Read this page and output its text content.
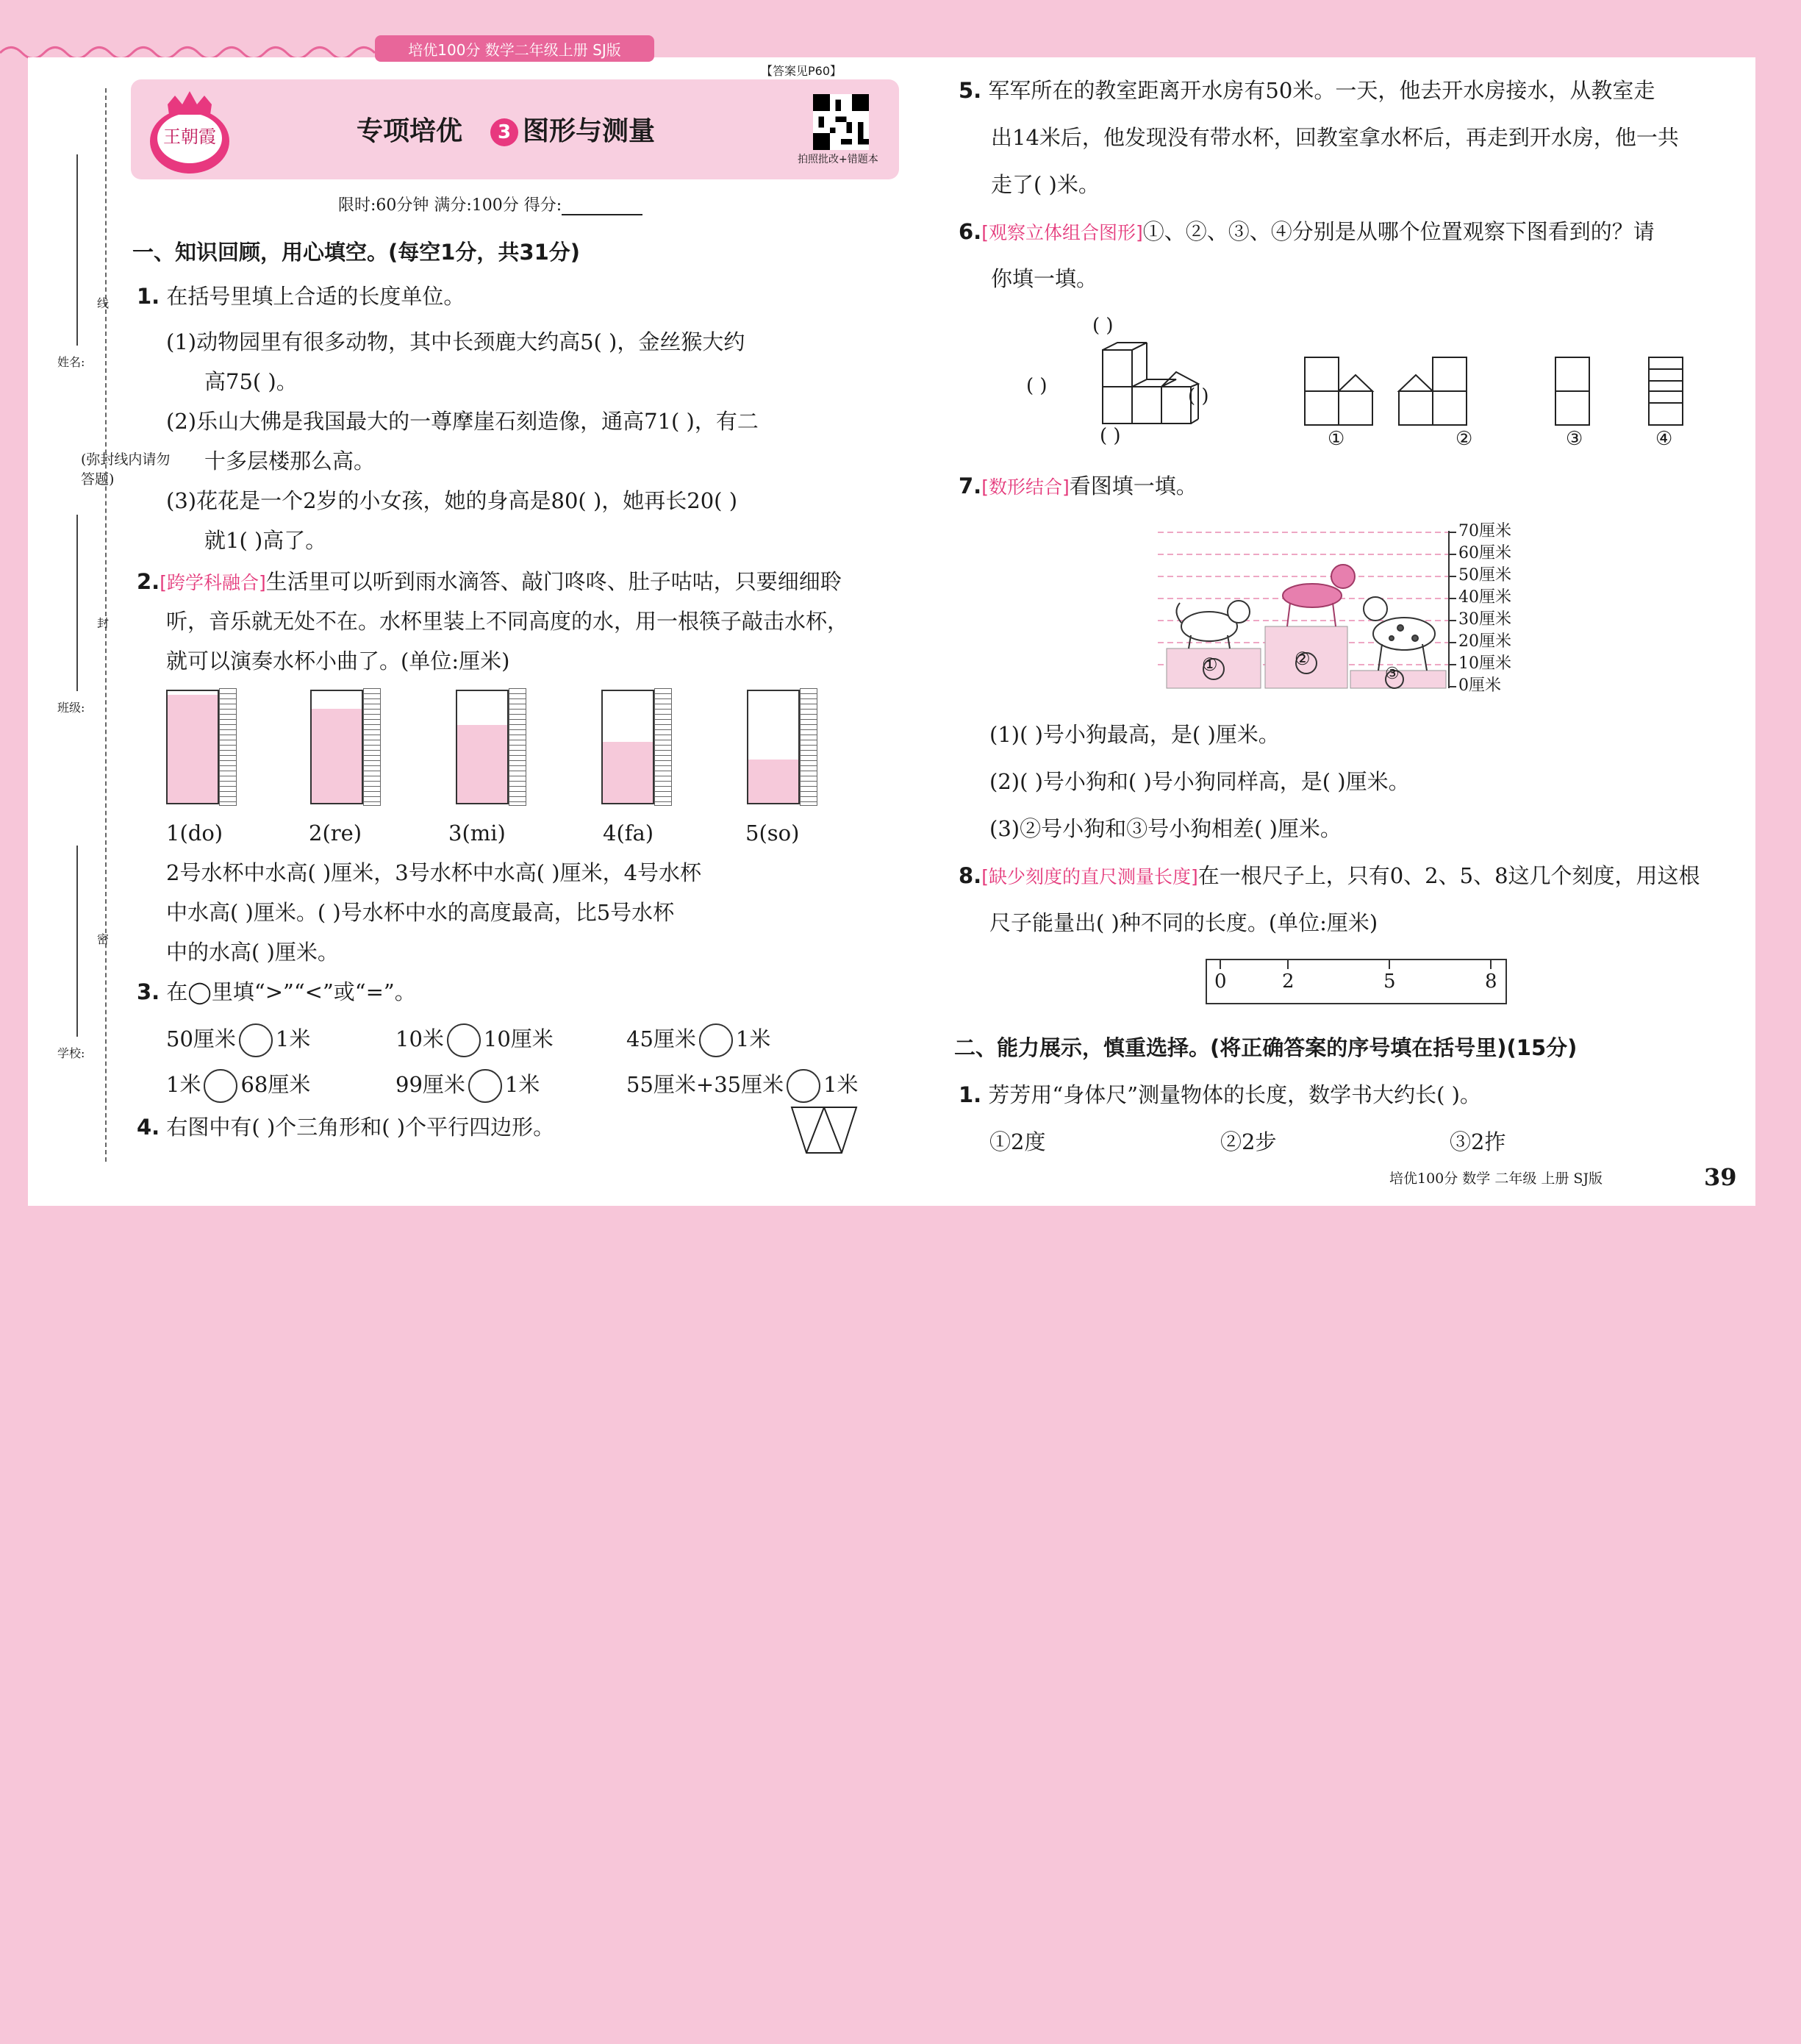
培优100分 数学二年级上册 SJ版
姓名:
班级:
学校:
(弥封线内请勿答题)
线
封
密
王朝霞	专项培优 3 图形与测量
【答案见P60】
拍照批改+错题本
限时:60分钟 满分:100分 得分:
一、知识回顾，用心填空。(每空1分，共31分)
1. 在括号里填上合适的长度单位。
(1)动物园里有很多动物，其中长颈鹿大约高5( )，金丝猴大约
高75( )。
(2)乐山大佛是我国最大的一尊摩崖石刻造像，通高71( )，有二
十多层楼那么高。
(3)花花是一个2岁的小女孩，她的身高是80( )，她再长20( )
就1( )高了。
2.[跨学科融合]生活里可以听到雨水滴答、敲门咚咚、肚子咕咕，只要细细聆
听，音乐就无处不在。水杯里装上不同高度的水，用一根筷子敲击水杯，
就可以演奏水杯小曲了。(单位:厘米)
1(do)	2(re)	3(mi)	4(fa)	5(so)
2号水杯中水高( )厘米，3号水杯中水高( )厘米，4号水杯
中水高( )厘米。( )号水杯中水的高度最高，比5号水杯
中的水高( )厘米。
3. 在◯里填“>”“<”或“=”。
50厘米 1米	10米 10厘米	45厘米 1米
1米 68厘米	99厘米 1米	55厘米+35厘米 1米
4. 右图中有( )个三角形和( )个平行四边形。
5. 军军所在的教室距离开水房有50米。一天，他去开水房接水，从教室走
出14米后，他发现没有带水杯，回教室拿水杯后，再走到开水房，他一共
走了( )米。
6.[观察立体组合图形]①、②、③、④分别是从哪个位置观察下图看到的？请
你填一填。
( )
( )	( )
( )	①	②	③	④
7.[数形结合]看图填一填。
70厘米
60厘米
50厘米
40厘米
30厘米
20厘米
10厘米
0厘米
①	②
③
(1)( )号小狗最高，是( )厘米。
(2)( )号小狗和( )号小狗同样高，是( )厘米。
(3)②号小狗和③号小狗相差( )厘米。
8.[缺少刻度的直尺测量长度]在一根尺子上，只有0、2、5、8这几个刻度，用这根
尺子能量出( )种不同的长度。(单位:厘米)
0	2	5	8
二、能力展示，慎重选择。(将正确答案的序号填在括号里)(15分)
1. 芳芳用“身体尺”测量物体的长度，数学书大约长( )。
①2度	②2步	③2拃
培优100分 数学 二年级 上册 SJ版	39
